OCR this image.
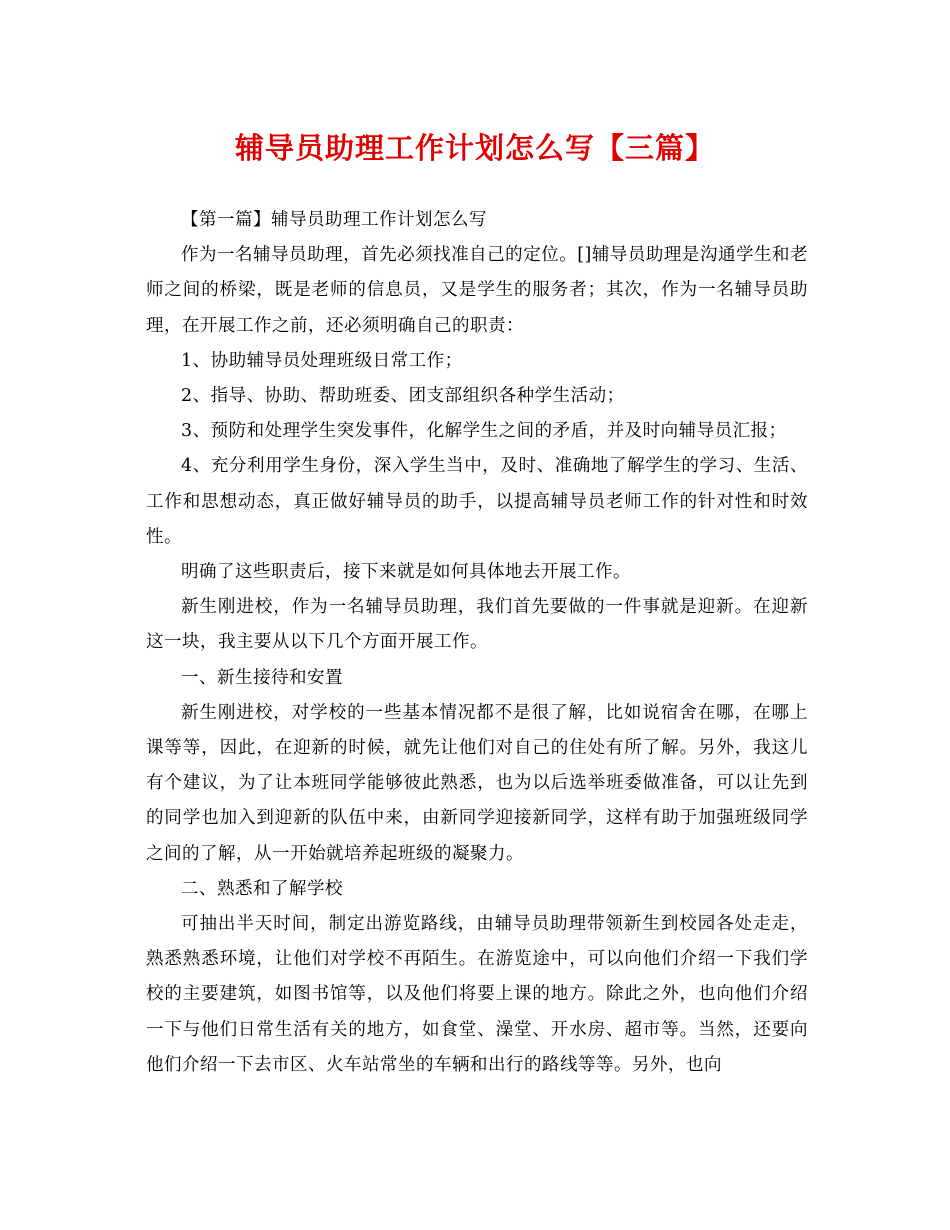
辅导员助理工作计划怎么写【三篇】

【第一篇】辅导员助理工作计划怎么写

作为一名辅导员助理，首先必须找准自己的定位。[]辅导员助理是沟通学生和老师之间的桥梁，既是老师的信息员，又是学生的服务者；其次，作为一名辅导员助理，在开展工作之前，还必须明确自己的职责：

1、协助辅导员处理班级日常工作；

2、指导、协助、帮助班委、团支部组织各种学生活动；

3、预防和处理学生突发事件，化解学生之间的矛盾，并及时向辅导员汇报；

4、充分利用学生身份，深入学生当中，及时、准确地了解学生的学习、生活、工作和思想动态，真正做好辅导员的助手，以提高辅导员老师工作的针对性和时效性。

明确了这些职责后，接下来就是如何具体地去开展工作。

新生刚进校，作为一名辅导员助理，我们首先要做的一件事就是迎新。在迎新这一块，我主要从以下几个方面开展工作。

一、新生接待和安置

新生刚进校，对学校的一些基本情况都不是很了解，比如说宿舍在哪，在哪上课等等，因此，在迎新的时候，就先让他们对自己的住处有所了解。另外，我这儿有个建议，为了让本班同学能够彼此熟悉，也为以后选举班委做准备，可以让先到的同学也加入到迎新的队伍中来，由新同学迎接新同学，这样有助于加强班级同学之间的了解，从一开始就培养起班级的凝聚力。

二、熟悉和了解学校

可抽出半天时间，制定出游览路线，由辅导员助理带领新生到校园各处走走，熟悉熟悉环境，让他们对学校不再陌生。在游览途中，可以向他们介绍一下我们学校的主要建筑，如图书馆等，以及他们将要上课的地方。除此之外，也向他们介绍一下与他们日常生活有关的地方，如食堂、澡堂、开水房、超市等。当然，还要向他们介绍一下去市区、火车站常坐的车辆和出行的路线等等。另外，也向
